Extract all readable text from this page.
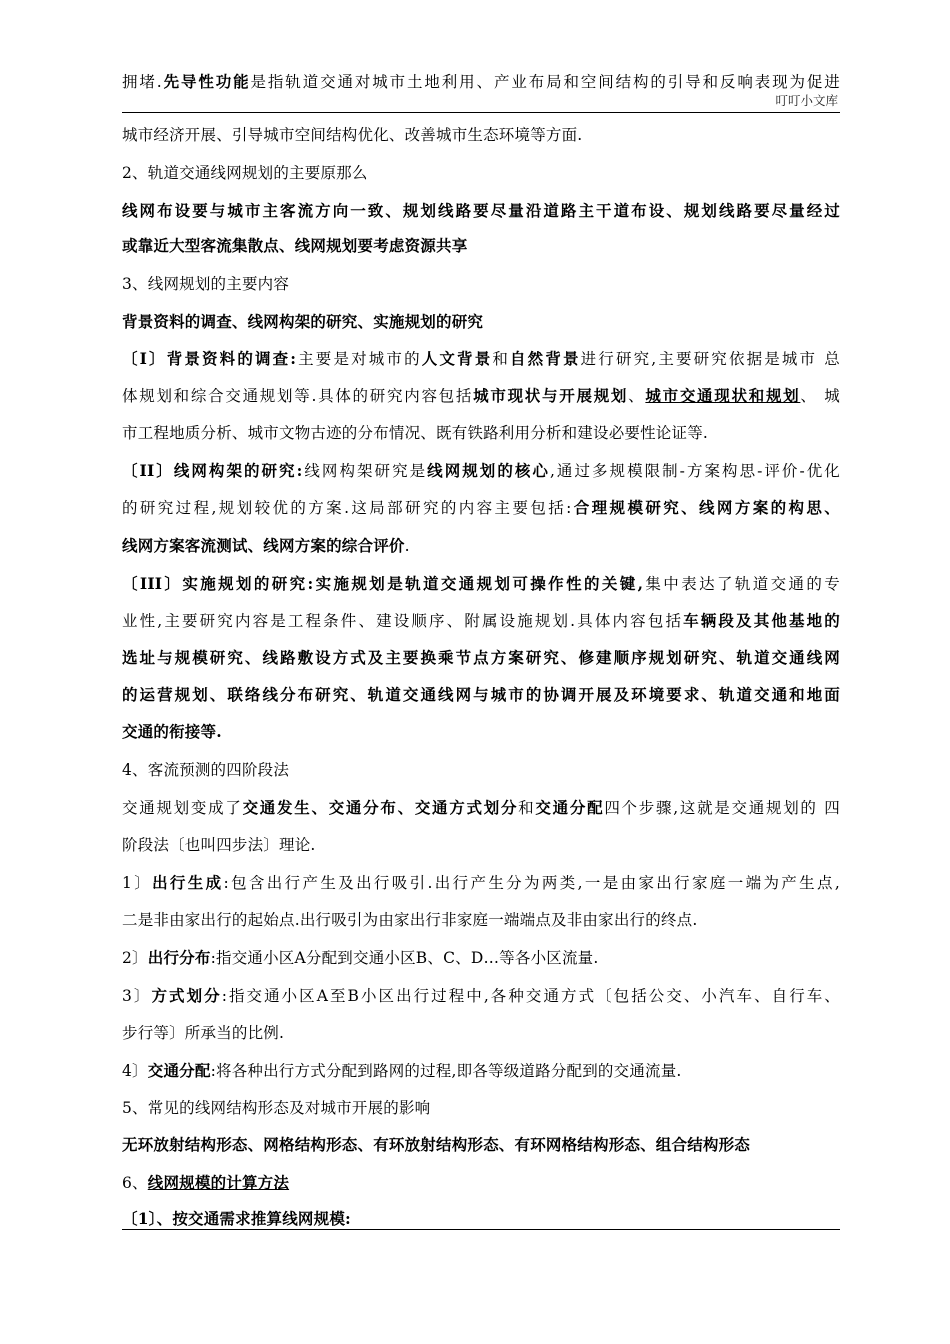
叮叮小文库
拥堵.先导性功能是指轨道交通对城市土地利用、产业布局和空间结构的引导和反响表现为促进
城市经济开展、引导城市空间结构优化、改善城市生态环境等方面.
2、轨道交通线网规划的主要原那么
线网布设要与城市主客流方向一致、规划线路要尽量沿道路主干道布设、规划线路要尽量经过
或靠近大型客流集散点、线网规划要考虑资源共享
3、线网规划的主要内容
背景资料的调查、线网构架的研究、实施规划的研究
〔I〕背景资料的调查:主要是对城市的人文背景和自然背景进行研究,主要研究依据是城市 总
体规划和综合交通规划等.具体的研究内容包括城市现状与开展规划、城市交通现状和规划、 城
市工程地质分析、城市文物古迹的分布情况、既有铁路利用分析和建设必要性论证等.
〔II〕线网构架的研究:线网构架研究是线网规划的核心,通过多规模限制-方案构思-评价-优化
的研究过程,规划较优的方案.这局部研究的内容主要包括:合理规模研究、线网方案的构思、
线网方案客流测试、线网方案的综合评价.
〔III〕实施规划的研究:实施规划是轨道交通规划可操作性的关键,集中表达了轨道交通的专
业性,主要研究内容是工程条件、建设顺序、附属设施规划.具体内容包括车辆段及其他基地的
选址与规模研究、线路敷设方式及主要换乘节点方案研究、修建顺序规划研究、轨道交通线网
的运营规划、联络线分布研究、轨道交通线网与城市的协调开展及环境要求、轨道交通和地面
交通的衔接等.
4、客流预测的四阶段法
交通规划变成了交通发生、交通分布、交通方式划分和交通分配四个步骤,这就是交通规划的 四
阶段法〔也叫四步法〕理论.
1〕出行生成:包含出行产生及出行吸引.出行产生分为两类,一是由家出行家庭一端为产生点,
二是非由家出行的起始点.出行吸引为由家出行非家庭一端端点及非由家出行的终点.
2〕出行分布:指交通小区A分配到交通小区B、C、D…等各小区流量.
3〕方式划分:指交通小区A至B小区出行过程中,各种交通方式〔包括公交、小汽车、自行车、
步行等〕所承当的比例.
4〕交通分配:将各种出行方式分配到路网的过程,即各等级道路分配到的交通流量.
5、常见的线网结构形态及对城市开展的影响
无环放射结构形态、网格结构形态、有环放射结构形态、有环网格结构形态、组合结构形态
6、线网规模的计算方法
〔1〕、按交通需求推算线网规模:
